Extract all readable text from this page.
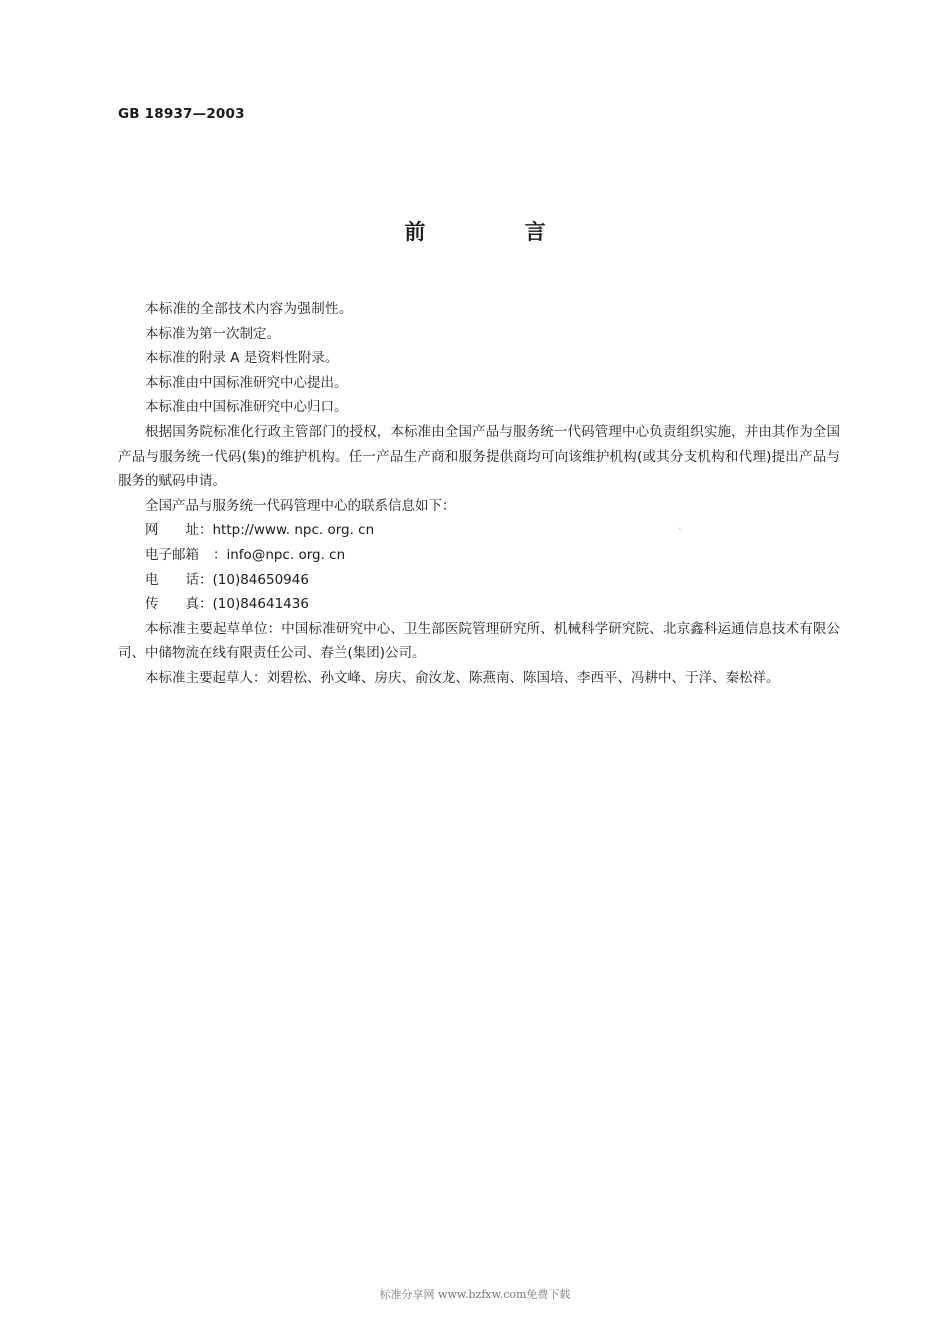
GB 18937—2003
前 言

本标准的全部技术内容为强制性。

本标准为第一次制定。

本标准的附录 A 是资料性附录。

本标准由中国标准研究中心提出。

本标准由中国标准研究中心归口。

根据国务院标准化行政主管部门的授权，本标准由全国产品与服务统一代码管理中心负责组织实施，并由其作为全国产品与服务统一代码(集)的维护机构。任一产品生产商和服务提供商均可向该维护机构(或其分支机构和代理)提出产品与服务的赋码申请。

全国产品与服务统一代码管理中心的联系信息如下：

网址 ： http://www. npc. org. cn
电子邮箱	： info@npc. org. cn
电话 ： (10)84650946
传真 ： (10)84641436

本标准主要起草单位：中国标准研究中心、卫生部医院管理研究所、机械科学研究院、北京鑫科运通信息技术有限公司、中储物流在线有限责任公司、春兰(集团)公司。

本标准主要起草人：刘碧松、孙文峰、房庆、俞汝龙、陈燕南、陈国培、李西平、冯耕中、于洋、秦松祥。

ˋ
标准分享网 www.bzfxw.com免费下载
